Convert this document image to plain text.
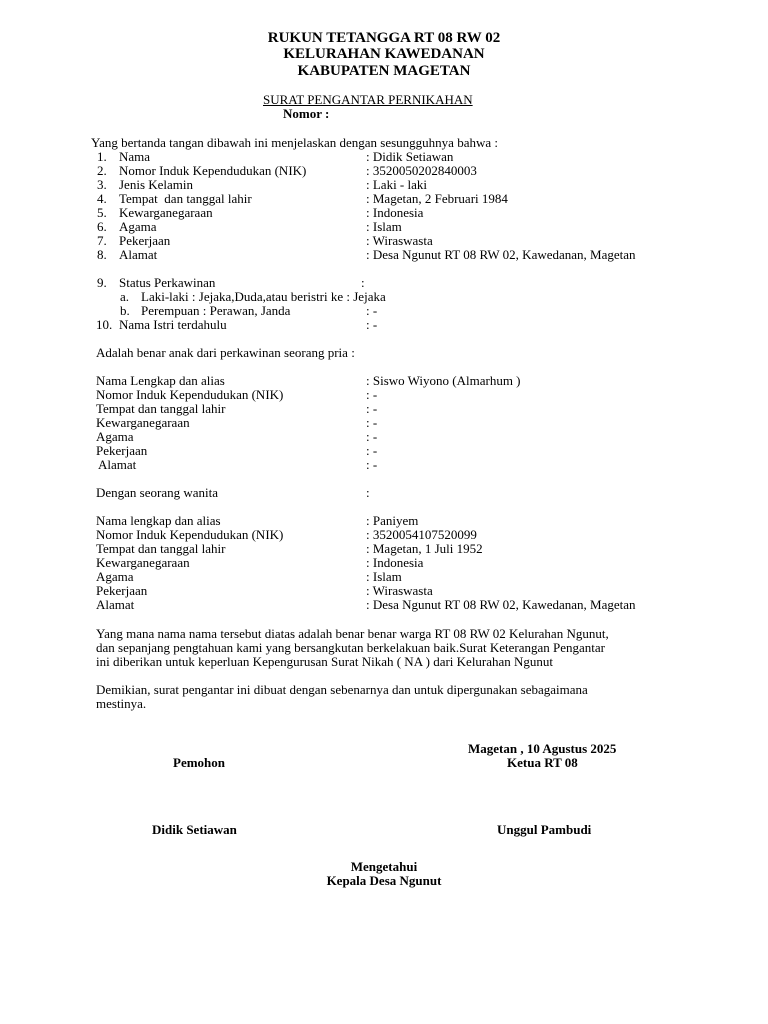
RUKUN TETANGGA RT 08 RW 02
KELURAHAN KAWEDANAN
KABUPATEN MAGETAN
SURAT PENGANTAR PERNIKAHAN
Nomor :
Yang bertanda tangan dibawah ini menjelaskan dengan sesungguhnya bahwa :
1. Nama	: Didik Setiawan
2. Nomor Induk Kependudukan (NIK)	: 3520050202840003
3. Jenis Kelamin	: Laki - laki
4. Tempat  dan tanggal lahir	: Magetan, 2 Februari 1984
5. Kewarganegaraan	: Indonesia
6. Agama	: Islam
7. Pekerjaan	: Wiraswasta
8. Alamat	: Desa Ngunut RT 08 RW 02, Kawedanan, Magetan
9. Status Perkawinan	:
a. Laki-laki : Jejaka,Duda,atau beristri ke : Jejaka
b. Perempuan : Perawan, Janda	: -
10. Nama Istri terdahulu	: -
Adalah benar anak dari perkawinan seorang pria :
Nama Lengkap dan alias	: Siswo Wiyono (Almarhum )
Nomor Induk Kependudukan (NIK)	: -
Tempat dan tanggal lahir	: -
Kewarganegaraan	: -
Agama	: -
Pekerjaan	: -
Alamat	: -
Dengan seorang wanita	:
Nama lengkap dan alias	: Paniyem
Nomor Induk Kependudukan (NIK)	: 3520054107520099
Tempat dan tanggal lahir	: Magetan, 1 Juli 1952
Kewarganegaraan	: Indonesia
Agama	: Islam
Pekerjaan	: Wiraswasta
Alamat	: Desa Ngunut RT 08 RW 02, Kawedanan, Magetan
Yang mana nama nama tersebut diatas adalah benar benar warga RT 08 RW 02 Kelurahan Ngunut,
dan sepanjang pengtahuan kami yang bersangkutan berkelakuan baik.Surat Keterangan Pengantar
ini diberikan untuk keperluan Kepengurusan Surat Nikah ( NA ) dari Kelurahan Ngunut
Demikian, surat pengantar ini dibuat dengan sebenarnya dan untuk dipergunakan sebagaimana
mestinya.
Magetan , 10 Agustus 2025
Pemohon	Ketua RT 08
Didik Setiawan	Unggul Pambudi
Mengetahui
Kepala Desa Ngunut
